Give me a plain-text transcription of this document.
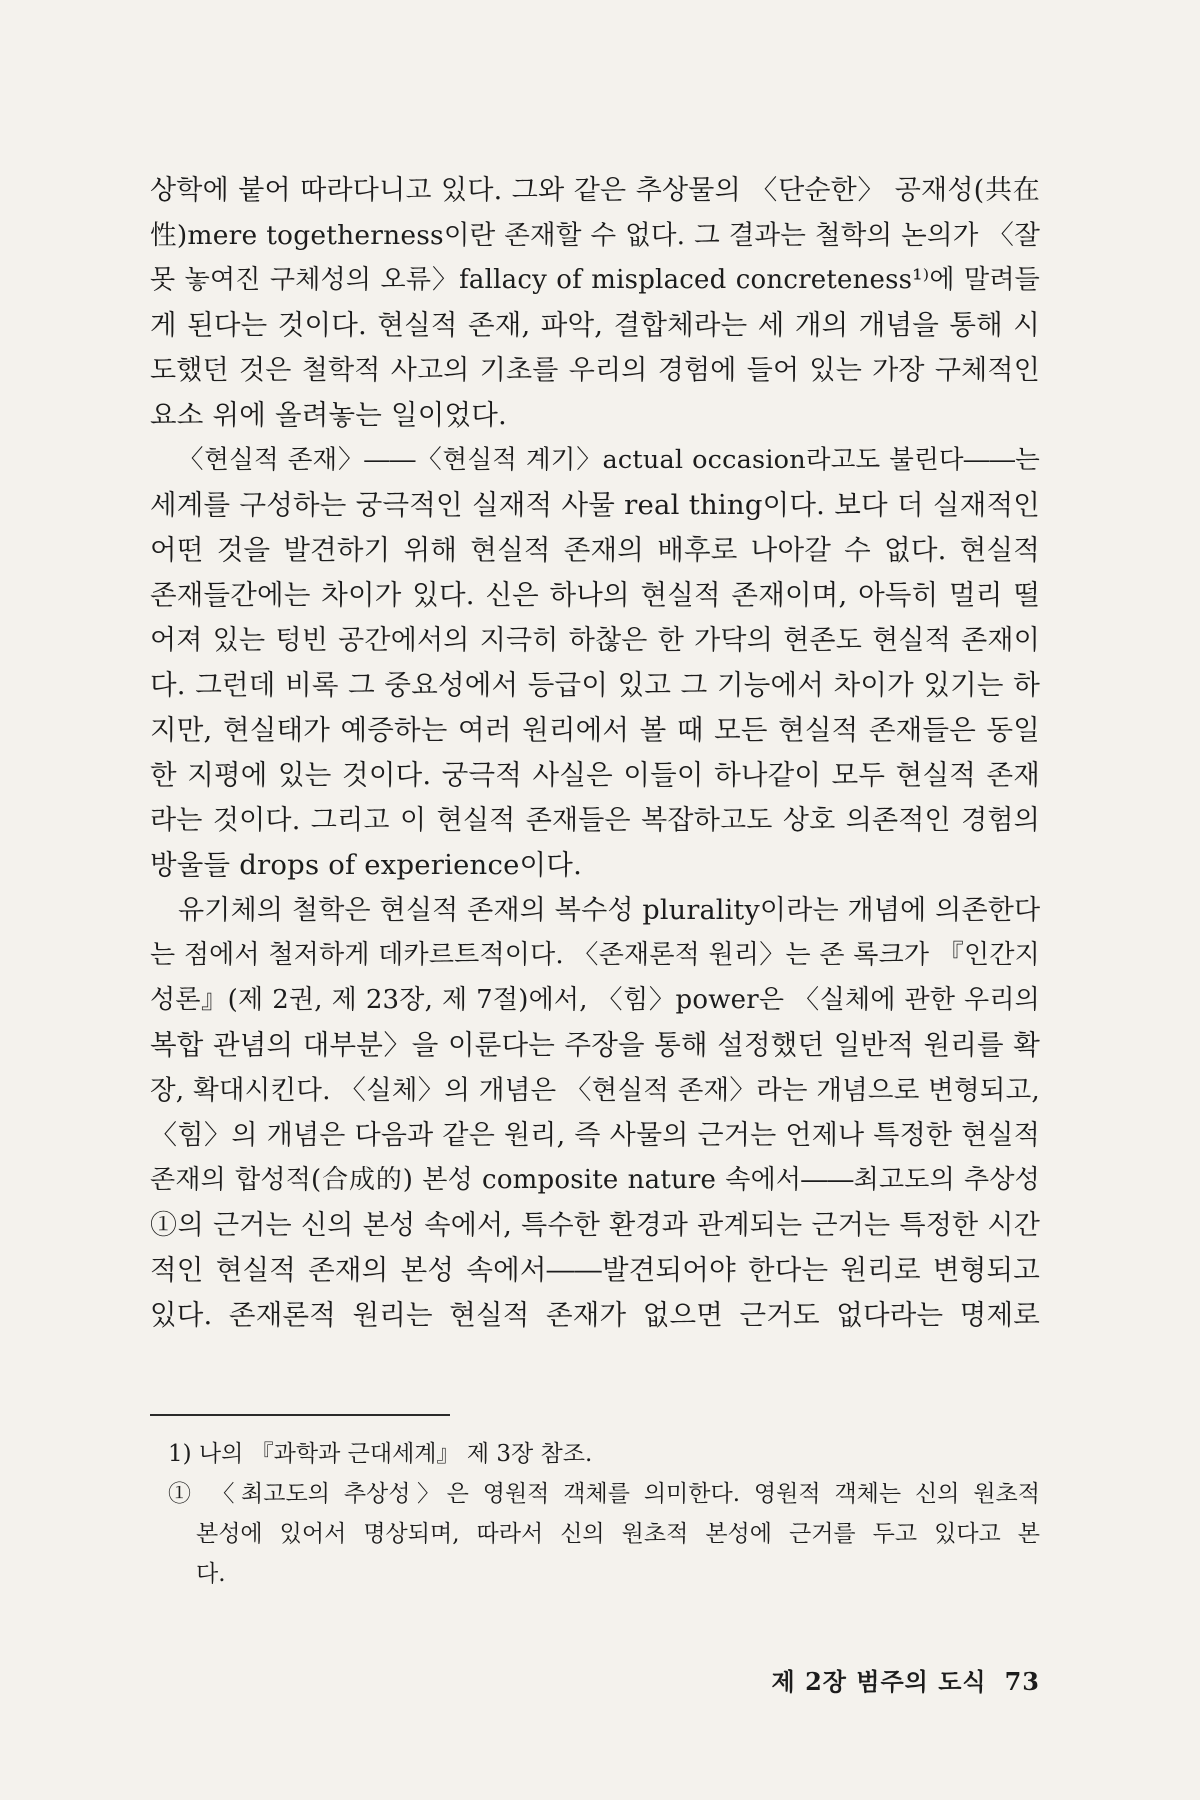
상학에 붙어 따라다니고 있다. 그와 같은 추상물의 〈단순한〉 공재성(共在
性)mere togetherness이란 존재할 수 없다. 그 결과는 철학의 논의가 〈잘
못 놓여진 구체성의 오류〉fallacy of misplaced concreteness¹⁾에 말려들
게 된다는 것이다. 현실적 존재, 파악, 결합체라는 세 개의 개념을 통해 시
도했던 것은 철학적 사고의 기초를 우리의 경험에 들어 있는 가장 구체적인
요소 위에 올려놓는 일이었다.
〈현실적 존재〉――〈현실적 계기〉actual occasion라고도 불린다――는
세계를 구성하는 궁극적인 실재적 사물 real thing이다. 보다 더 실재적인
어떤 것을 발견하기 위해 현실적 존재의 배후로 나아갈 수 없다. 현실적
존재들간에는 차이가 있다. 신은 하나의 현실적 존재이며, 아득히 멀리 떨
어져 있는 텅빈 공간에서의 지극히 하찮은 한 가닥의 현존도 현실적 존재이
다. 그런데 비록 그 중요성에서 등급이 있고 그 기능에서 차이가 있기는 하
지만, 현실태가 예증하는 여러 원리에서 볼 때 모든 현실적 존재들은 동일
한 지평에 있는 것이다. 궁극적 사실은 이들이 하나같이 모두 현실적 존재
라는 것이다. 그리고 이 현실적 존재들은 복잡하고도 상호 의존적인 경험의
방울들 drops of experience이다.
유기체의 철학은 현실적 존재의 복수성 plurality이라는 개념에 의존한다
는 점에서 철저하게 데카르트적이다. 〈존재론적 원리〉는 존 록크가 『인간지
성론』(제 2권, 제 23장, 제 7절)에서, 〈힘〉power은 〈실체에 관한 우리의
복합 관념의 대부분〉을 이룬다는 주장을 통해 설정했던 일반적 원리를 확
장, 확대시킨다. 〈실체〉의 개념은 〈현실적 존재〉라는 개념으로 변형되고,
〈힘〉의 개념은 다음과 같은 원리, 즉 사물의 근거는 언제나 특정한 현실적
존재의 합성적(合成的) 본성 composite nature 속에서――최고도의 추상성
①의 근거는 신의 본성 속에서, 특수한 환경과 관계되는 근거는 특정한 시간
적인 현실적 존재의 본성 속에서――발견되어야 한다는 원리로 변형되고
있다. 존재론적 원리는 현실적 존재가 없으면 근거도 없다라는 명제로
1) 나의 『과학과 근대세계』 제 3장 참조.
① 〈최고도의 추상성〉은 영원적 객체를 의미한다. 영원적 객체는 신의 원초적
본성에 있어서 명상되며, 따라서 신의 원초적 본성에 근거를 두고 있다고 본
다.
제 2장 범주의 도식 73
